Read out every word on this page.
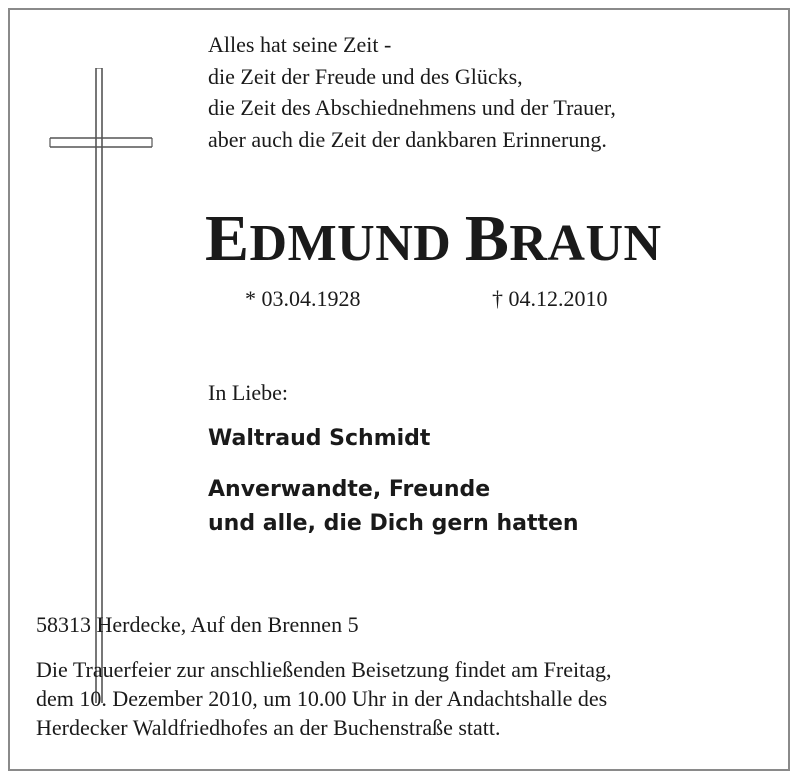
Alles hat seine Zeit -
die Zeit der Freude und des Glücks,
die Zeit des Abschiednehmens und der Trauer,
aber auch die Zeit der dankbaren Erinnerung.
EDMUND BRAUN
* 03.04.1928	† 04.12.2010
In Liebe:
Waltraud Schmidt
Anverwandte, Freunde
und alle, die Dich gern hatten
58313 Herdecke, Auf den Brennen 5
Die Trauerfeier zur anschließenden Beisetzung findet am Freitag,
dem 10. Dezember 2010, um 10.00 Uhr in der Andachtshalle des
Herdecker Waldfriedhofes an der Buchenstraße statt.
